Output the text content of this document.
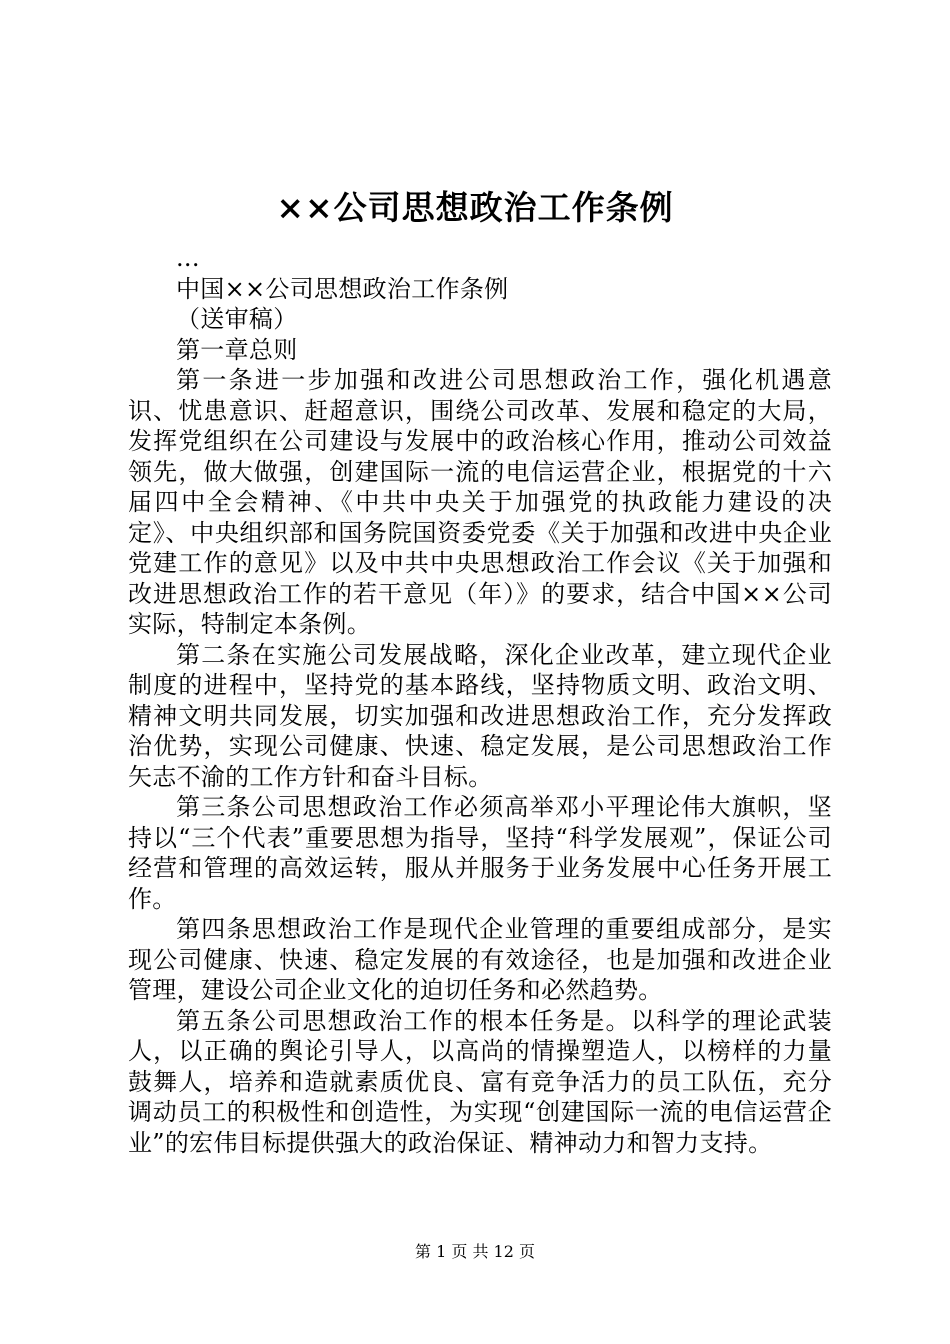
××公司思想政治工作条例

...

中国××公司思想政治工作条例

（送审稿）

第一章总则

第一条进一步加强和改进公司思想政治工作，强化机遇意识、忧患意识、赶超意识，围绕公司改革、发展和稳定的大局，发挥党组织在公司建设与发展中的政治核心作用，推动公司效益领先，做大做强，创建国际一流的电信运营企业，根据党的十六届四中全会精神、《中共中央关于加强党的执政能力建设的决定》、中央组织部和国务院国资委党委《关于加强和改进中央企业党建工作的意见》以及中共中央思想政治工作会议《关于加强和改进思想政治工作的若干意见（年）》的要求，结合中国××公司实际，特制定本条例。

第二条在实施公司发展战略，深化企业改革，建立现代企业制度的进程中，坚持党的基本路线，坚持物质文明、政治文明、精神文明共同发展，切实加强和改进思想政治工作，充分发挥政治优势，实现公司健康、快速、稳定发展，是公司思想政治工作矢志不渝的工作方针和奋斗目标。

第三条公司思想政治工作必须高举邓小平理论伟大旗帜，坚持以“三个代表”重要思想为指导，坚持“科学发展观”，保证公司经营和管理的高效运转，服从并服务于业务发展中心任务开展工作。

第四条思想政治工作是现代企业管理的重要组成部分，是实现公司健康、快速、稳定发展的有效途径，也是加强和改进企业管理，建设公司企业文化的迫切任务和必然趋势。

第五条公司思想政治工作的根本任务是。以科学的理论武装人，以正确的舆论引导人，以高尚的情操塑造人，以榜样的力量鼓舞人，培养和造就素质优良、富有竞争活力的员工队伍，充分调动员工的积极性和创造性，为实现“创建国际一流的电信运营企业”的宏伟目标提供强大的政治保证、精神动力和智力支持。

第 1 页 共 12 页
